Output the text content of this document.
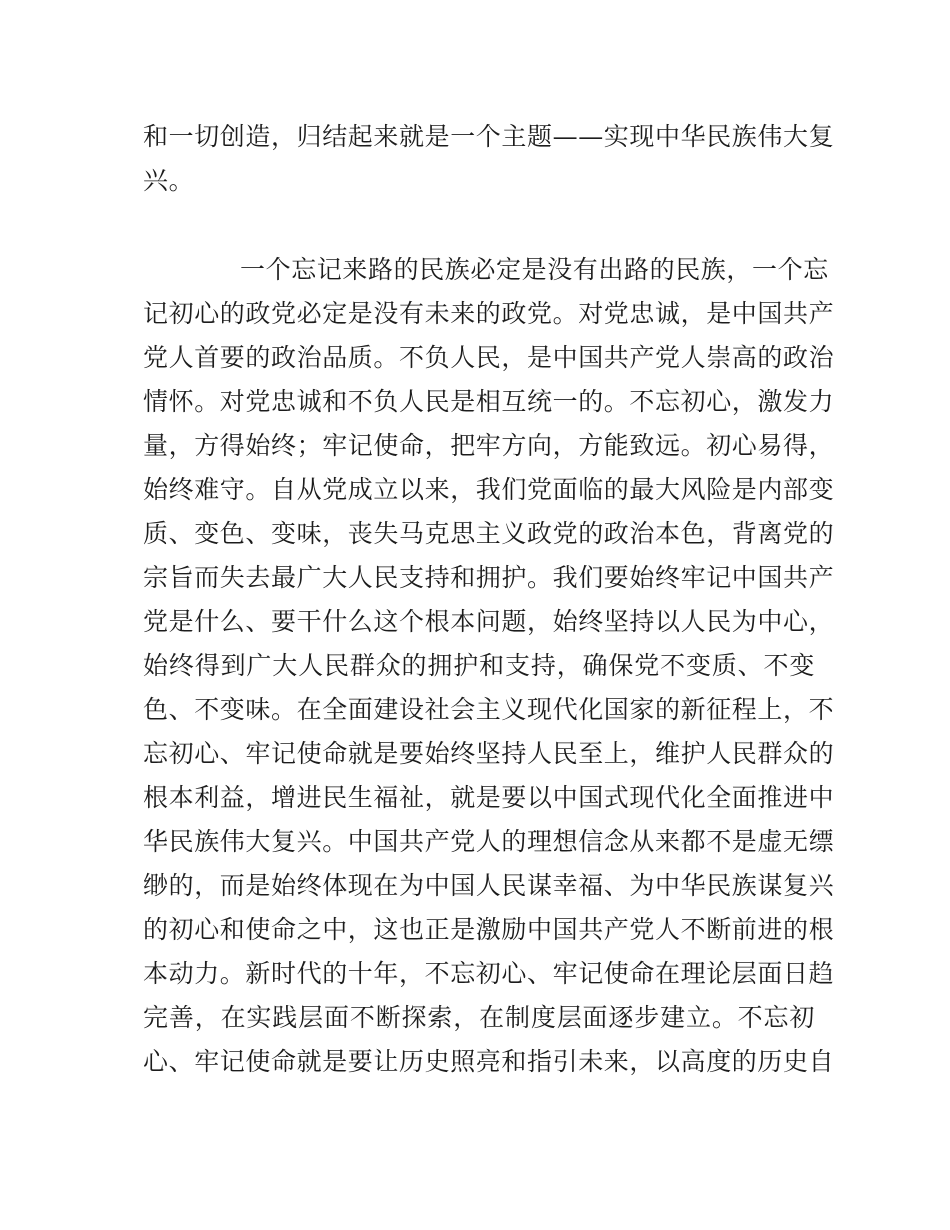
和一切创造，归结起来就是一个主题——实现中华民族伟大复
兴。
一个忘记来路的民族必定是没有出路的民族，一个忘
记初心的政党必定是没有未来的政党。对党忠诚，是中国共产
党人首要的政治品质。不负人民，是中国共产党人崇高的政治
情怀。对党忠诚和不负人民是相互统一的。不忘初心，激发力
量，方得始终；牢记使命，把牢方向，方能致远。初心易得，
始终难守。自从党成立以来，我们党面临的最大风险是内部变
质、变色、变味，丧失马克思主义政党的政治本色，背离党的
宗旨而失去最广大人民支持和拥护。我们要始终牢记中国共产
党是什么、要干什么这个根本问题，始终坚持以人民为中心，
始终得到广大人民群众的拥护和支持，确保党不变质、不变
色、不变味。在全面建设社会主义现代化国家的新征程上，不
忘初心、牢记使命就是要始终坚持人民至上，维护人民群众的
根本利益，增进民生福祉，就是要以中国式现代化全面推进中
华民族伟大复兴。中国共产党人的理想信念从来都不是虚无缥
缈的，而是始终体现在为中国人民谋幸福、为中华民族谋复兴
的初心和使命之中，这也正是激励中国共产党人不断前进的根
本动力。新时代的十年，不忘初心、牢记使命在理论层面日趋
完善，在实践层面不断探索，在制度层面逐步建立。不忘初
心、牢记使命就是要让历史照亮和指引未来，以高度的历史自
